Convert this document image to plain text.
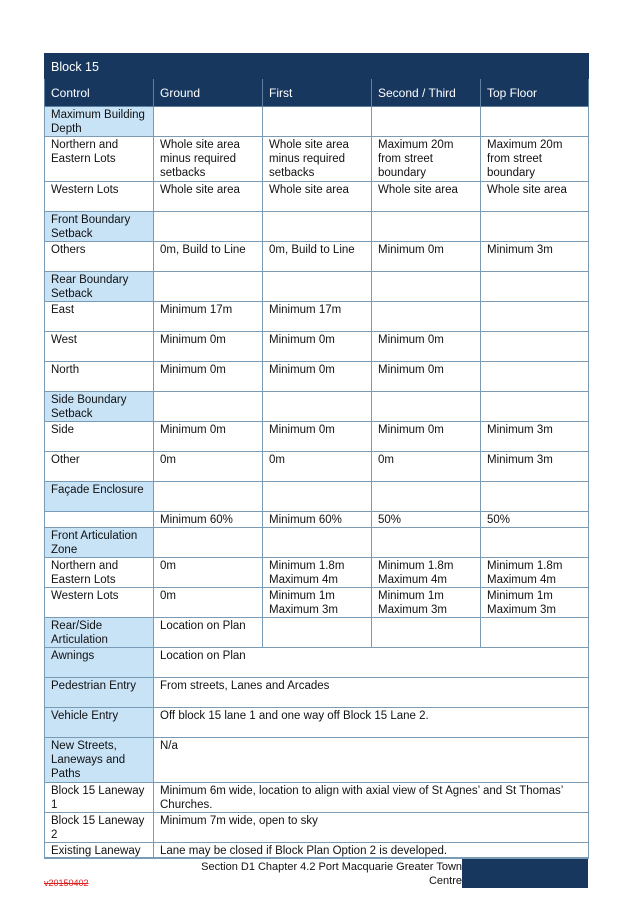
Block 15				
Control	Ground	First	Second / Third	Top Floor
Maximum Building Depth				
Northern and Eastern Lots	Whole site area minus required setbacks	Whole site area minus required setbacks	Maximum 20m from street boundary	Maximum 20m from street boundary
Western Lots	Whole site area	Whole site area	Whole site area	Whole site area
Front Boundary Setback				
Others	0m, Build to Line	0m, Build to Line	Minimum 0m	Minimum 3m
Rear Boundary Setback				
East	Minimum 17m	Minimum 17m		
West	Minimum 0m	Minimum 0m	Minimum 0m	
North	Minimum 0m	Minimum 0m	Minimum 0m	
Side Boundary Setback				
Side	Minimum 0m	Minimum 0m	Minimum 0m	Minimum 3m
Other	0m	0m	0m	Minimum 3m
Façade Enclosure				
	Minimum 60%	Minimum 60%	50%	50%
Front Articulation Zone				
Northern and Eastern Lots	0m	Minimum 1.8m Maximum 4m	Minimum 1.8m Maximum 4m	Minimum 1.8m Maximum 4m
Western Lots	0m	Minimum 1m Maximum 3m	Minimum 1m Maximum 3m	Minimum 1m Maximum 3m
Rear/Side Articulation	Location on Plan			
Awnings	Location on Plan			
Pedestrian Entry	From streets, Lanes and Arcades			
Vehicle Entry	Off block 15 lane 1 and one way off Block 15 Lane 2.			
New Streets, Laneways and Paths	N/a			
Block 15 Laneway 1	Minimum 6m wide, location to align with axial view of St Agnes’ and St Thomas’ Churches.			
Block 15 Laneway 2	Minimum 7m wide, open to sky			
Existing Laneway	Lane may be closed if Block Plan Option 2 is developed.			
Section D1 Chapter 4.2 Port Macquarie Greater Town Centre
v20150402
